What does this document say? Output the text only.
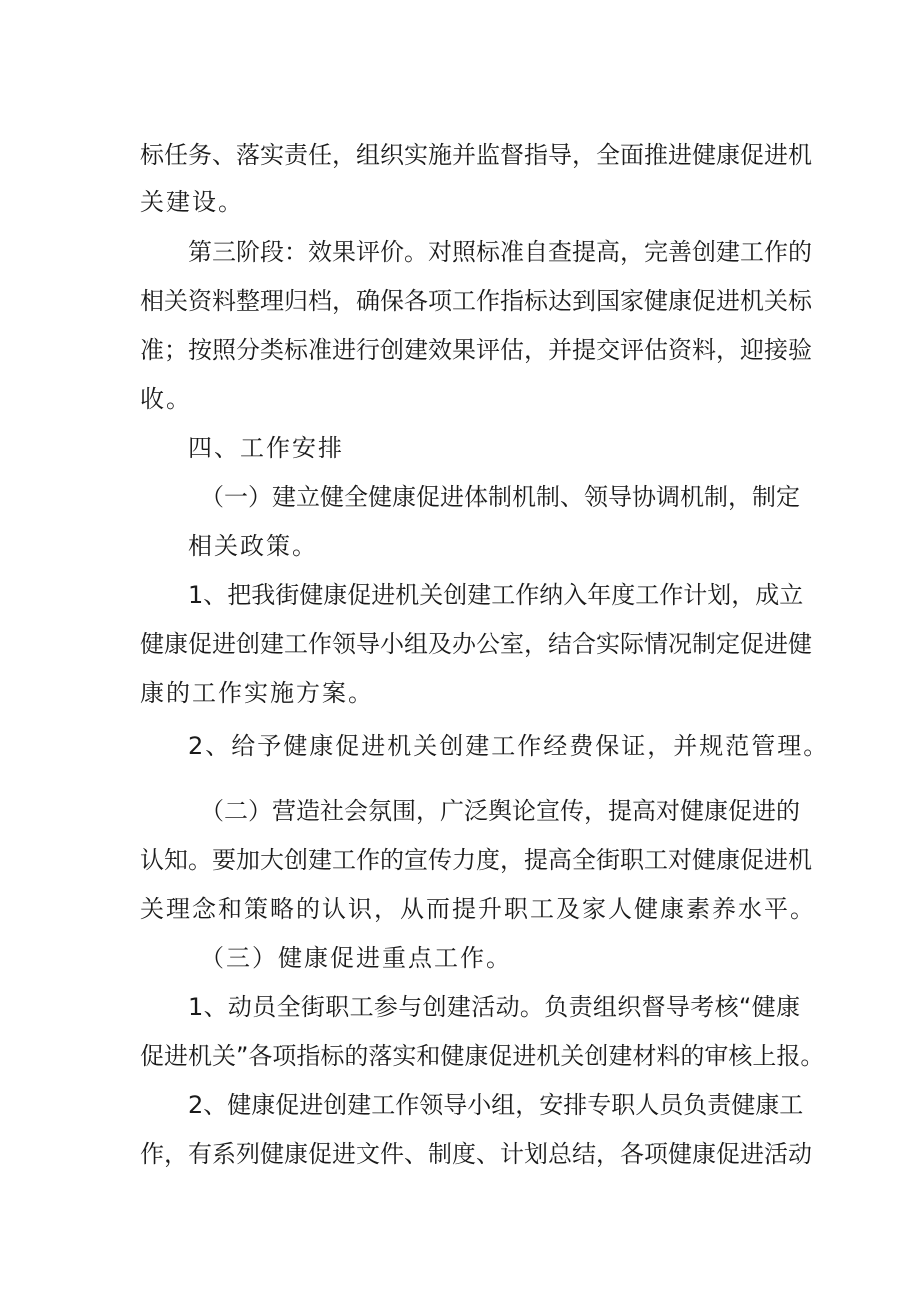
标任务、落实责任，组织实施并监督指导，全面推进健康促进机
关建设。
第三阶段：效果评价。对照标准自查提高，完善创建工作的
相关资料整理归档，确保各项工作指标达到国家健康促进机关标
准；按照分类标准进行创建效果评估，并提交评估资料，迎接验
收。
四、工作安排
（一）建立健全健康促进体制机制、领导协调机制，制定
相关政策。
1、把我街健康促进机关创建工作纳入年度工作计划，成立
健康促进创建工作领导小组及办公室，结合实际情况制定促进健
康的工作实施方案。
2、给予健康促进机关创建工作经费保证，并规范管理。
（二）营造社会氛围，广泛舆论宣传，提高对健康促进的
认知。要加大创建工作的宣传力度，提高全街职工对健康促进机
关理念和策略的认识，从而提升职工及家人健康素养水平。
（三）健康促进重点工作。
1、动员全街职工参与创建活动。负责组织督导考核“健康
促进机关”各项指标的落实和健康促进机关创建材料的审核上报。
2、健康促进创建工作领导小组，安排专职人员负责健康工
作，有系列健康促进文件、制度、计划总结，各项健康促进活动
